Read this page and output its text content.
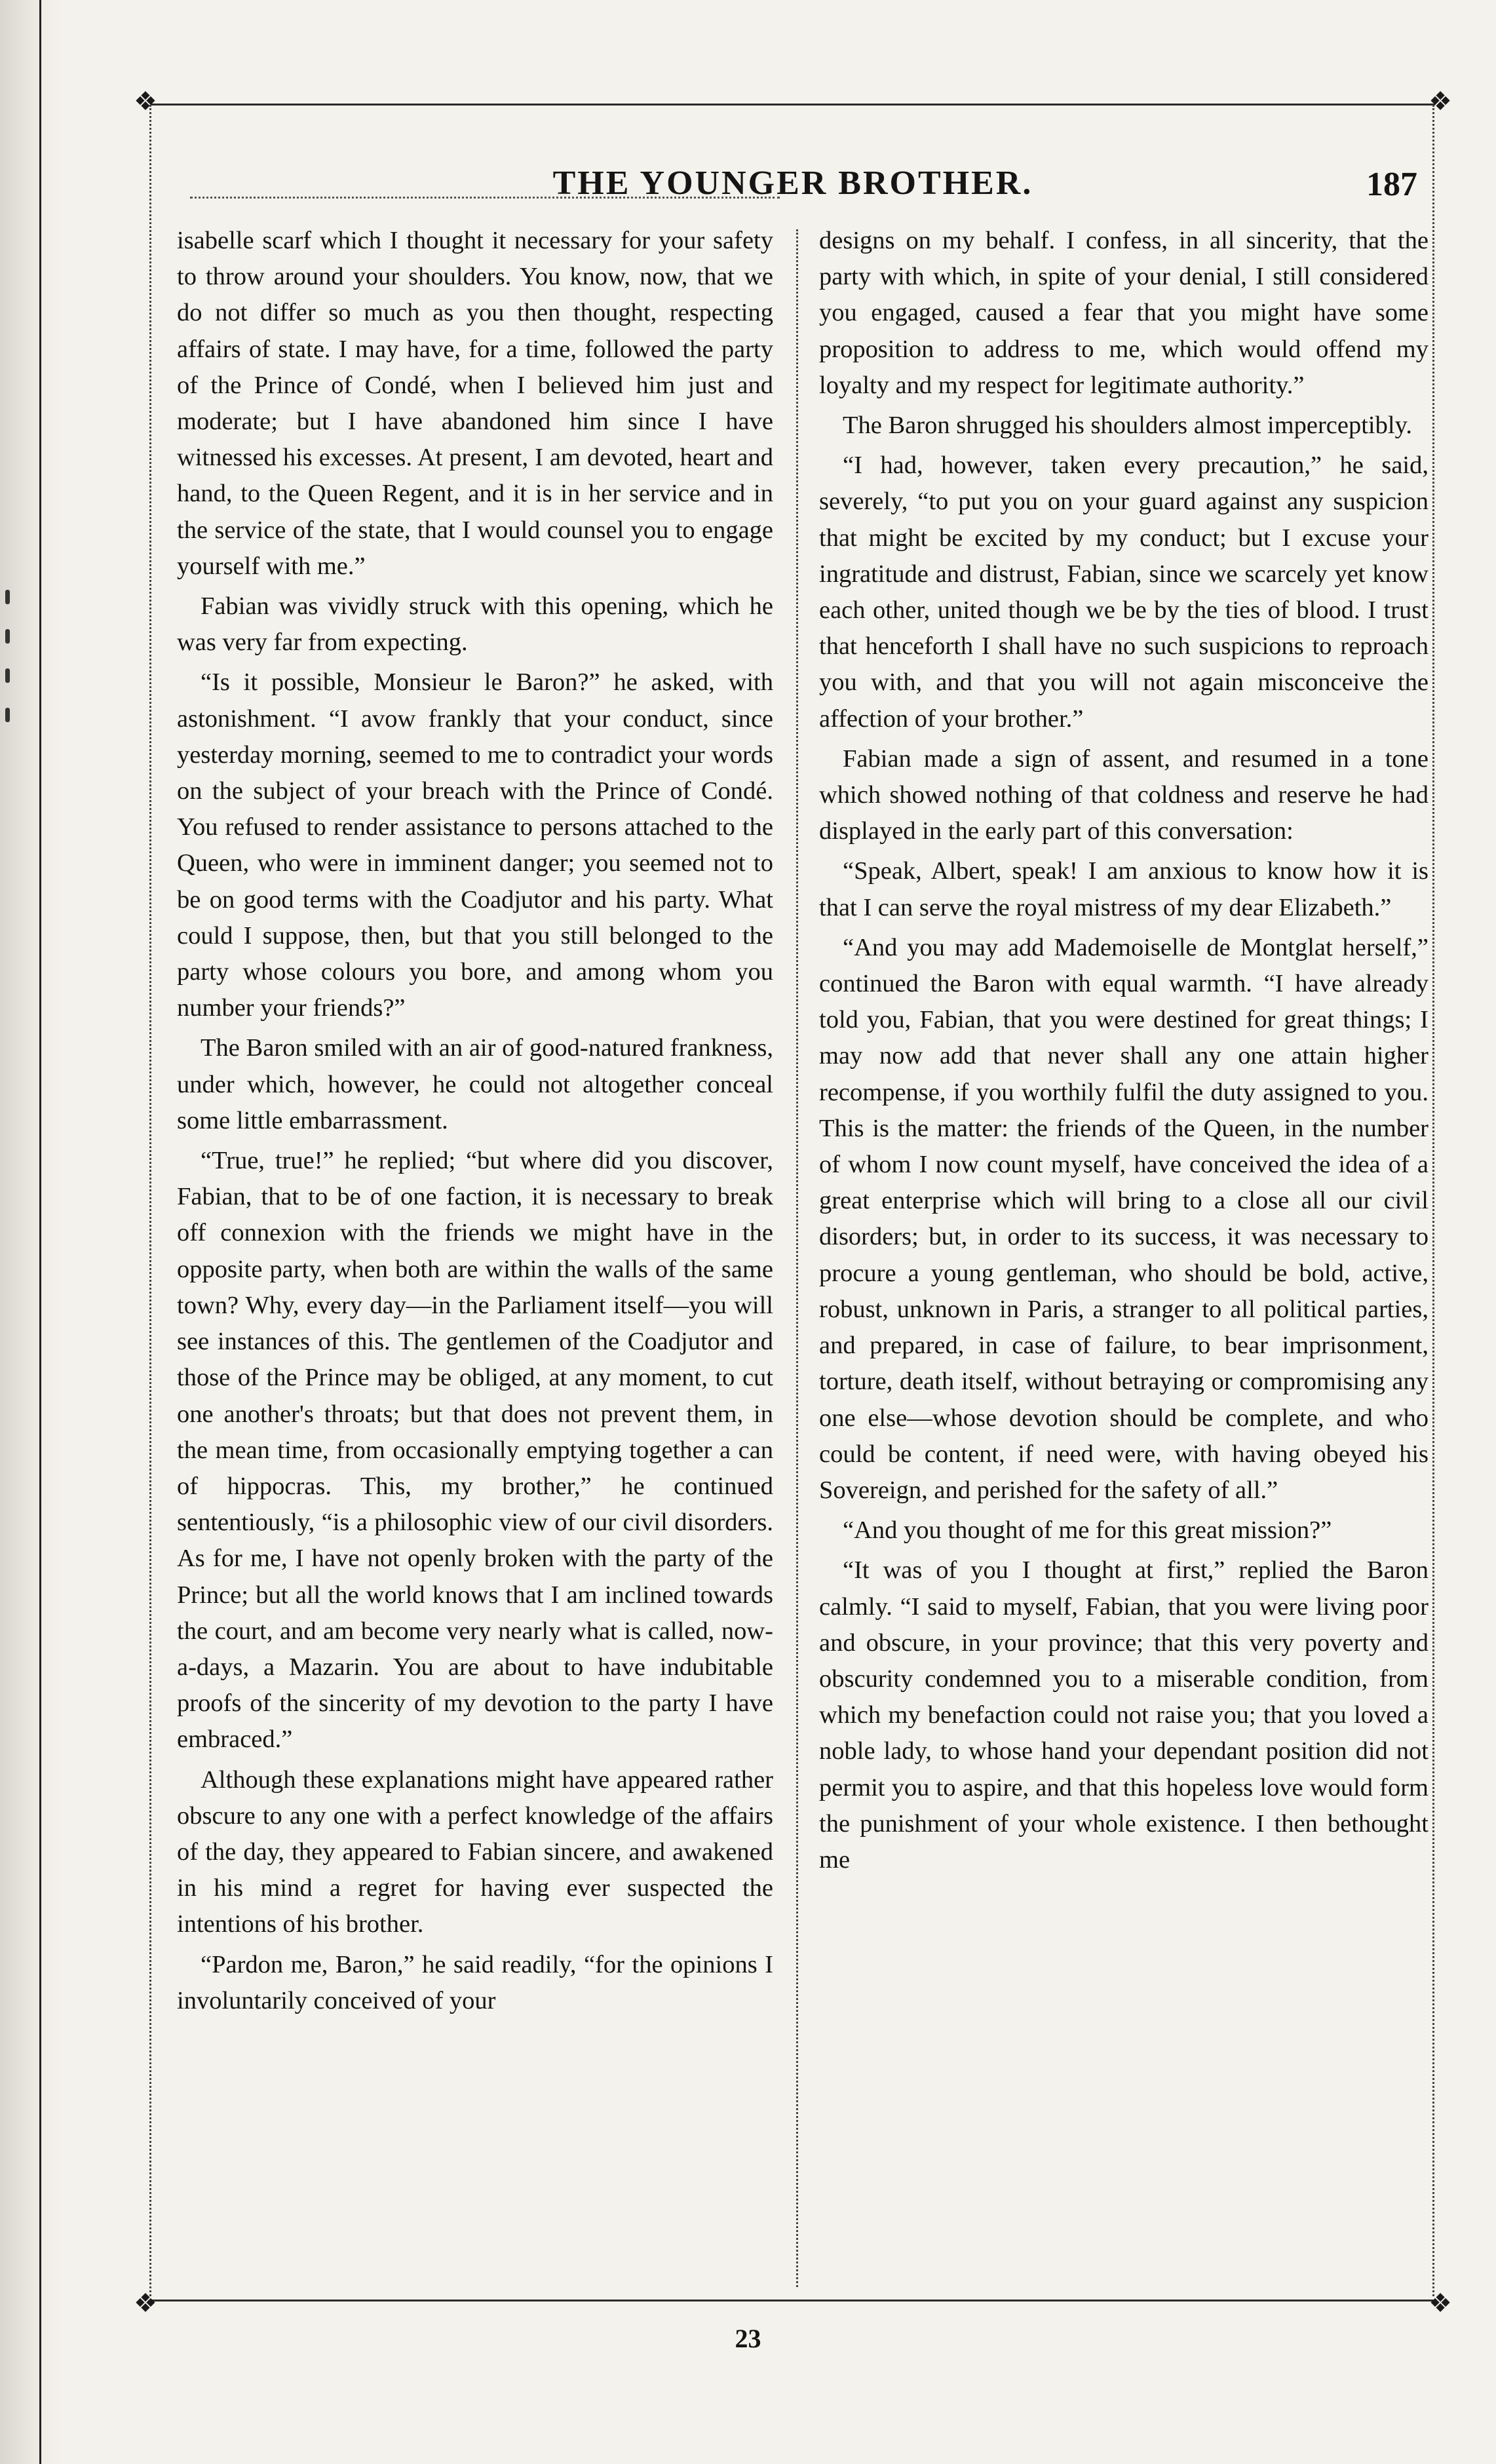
❖	❖
❖	❖
THE YOUNGER BROTHER.	187

isabelle scarf which I thought it necessary for your safety to throw around your shoulders. You know, now, that we do not differ so much as you then thought, respecting affairs of state. I may have, for a time, followed the party of the Prince of Condé, when I believed him just and moderate; but I have abandoned him since I have witnessed his excesses. At present, I am devoted, heart and hand, to the Queen Regent, and it is in her service and in the service of the state, that I would counsel you to engage yourself with me.”

Fabian was vividly struck with this opening, which he was very far from expecting.

“Is it possible, Monsieur le Baron?” he asked, with astonishment. “I avow frankly that your conduct, since yesterday morning, seemed to me to contradict your words on the subject of your breach with the Prince of Condé. You refused to render assistance to persons attached to the Queen, who were in imminent danger; you seemed not to be on good terms with the Coadjutor and his party. What could I suppose, then, but that you still belonged to the party whose colours you bore, and among whom you number your friends?”

The Baron smiled with an air of good-natured frankness, under which, however, he could not altogether conceal some little embarrassment.

“True, true!” he replied; “but where did you discover, Fabian, that to be of one faction, it is necessary to break off connexion with the friends we might have in the opposite party, when both are within the walls of the same town? Why, every day—in the Parliament itself—you will see instances of this. The gentlemen of the Coadjutor and those of the Prince may be obliged, at any moment, to cut one another's throats; but that does not prevent them, in the mean time, from occasionally emptying together a can of hippocras. This, my brother,” he continued sententiously, “is a philosophic view of our civil disorders. As for me, I have not openly broken with the party of the Prince; but all the world knows that I am inclined towards the court, and am become very nearly what is called, now-a-days, a Mazarin. You are about to have indubitable proofs of the sincerity of my devotion to the party I have embraced.”

Although these explanations might have appeared rather obscure to any one with a perfect knowledge of the affairs of the day, they appeared to Fabian sincere, and awakened in his mind a regret for having ever suspected the intentions of his brother.

“Pardon me, Baron,” he said readily, “for the opinions I involuntarily conceived of your

designs on my behalf. I confess, in all sincerity, that the party with which, in spite of your denial, I still considered you engaged, caused a fear that you might have some proposition to address to me, which would offend my loyalty and my respect for legitimate authority.”

The Baron shrugged his shoulders almost imperceptibly.

“I had, however, taken every precaution,” he said, severely, “to put you on your guard against any suspicion that might be excited by my conduct; but I excuse your ingratitude and distrust, Fabian, since we scarcely yet know each other, united though we be by the ties of blood. I trust that henceforth I shall have no such suspicions to reproach you with, and that you will not again misconceive the affection of your brother.”

Fabian made a sign of assent, and resumed in a tone which showed nothing of that coldness and reserve he had displayed in the early part of this conversation:

“Speak, Albert, speak! I am anxious to know how it is that I can serve the royal mistress of my dear Elizabeth.”

“And you may add Mademoiselle de Montglat herself,” continued the Baron with equal warmth. “I have already told you, Fabian, that you were destined for great things; I may now add that never shall any one attain higher recompense, if you worthily fulfil the duty assigned to you. This is the matter: the friends of the Queen, in the number of whom I now count myself, have conceived the idea of a great enterprise which will bring to a close all our civil disorders; but, in order to its success, it was necessary to procure a young gentleman, who should be bold, active, robust, unknown in Paris, a stranger to all political parties, and prepared, in case of failure, to bear imprisonment, torture, death itself, without betraying or compromising any one else—whose devotion should be complete, and who could be content, if need were, with having obeyed his Sovereign, and perished for the safety of all.”

“And you thought of me for this great mission?”

“It was of you I thought at first,” replied the Baron calmly. “I said to myself, Fabian, that you were living poor and obscure, in your province; that this very poverty and obscurity condemned you to a miserable condition, from which my benefaction could not raise you; that you loved a noble lady, to whose hand your dependant position did not permit you to aspire, and that this hopeless love would form the punishment of your whole existence. I then bethought me

23
